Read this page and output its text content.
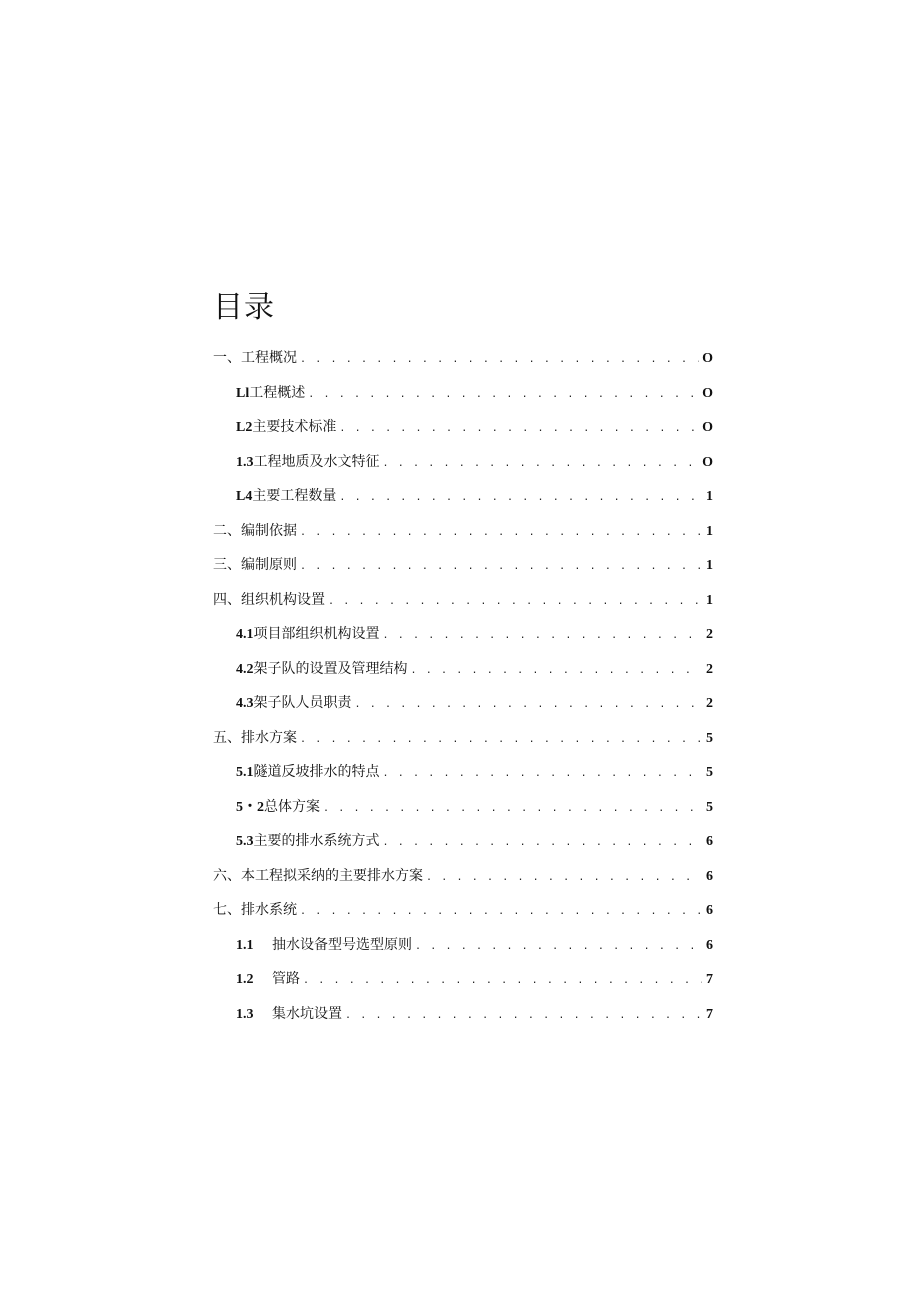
目录
一、工程概况 . . .	O
Ll 工程概述 . . .	O
L2 主要技术标准 . . .	O
1.3 工程地质及水文特征 . . .	O
L4 主要工程数量 . . .	1
二、编制依据 . . .	1
三、编制原则 . . .	1
四、组织机构设置 . . .	1
4.1 项目部组织机构设置 . . .	2
4.2 架子队的设置及管理结构 . . .	2
4.3 架子队人员职责 . . .	2
五、排水方案 . . .	5
5.1 隧道反坡排水的特点 . . .	5
5・2 总体方案 . . .	5
5.3 主要的排水系统方式 . . .	6
六、本工程拟采纳的主要排水方案 . . .	6
七、排水系统 . . .	6
1.1	抽水设备型号选型原则 . . .	6
1.2	管路 . . .	7
1.3	集水坑设置 . . .	7
